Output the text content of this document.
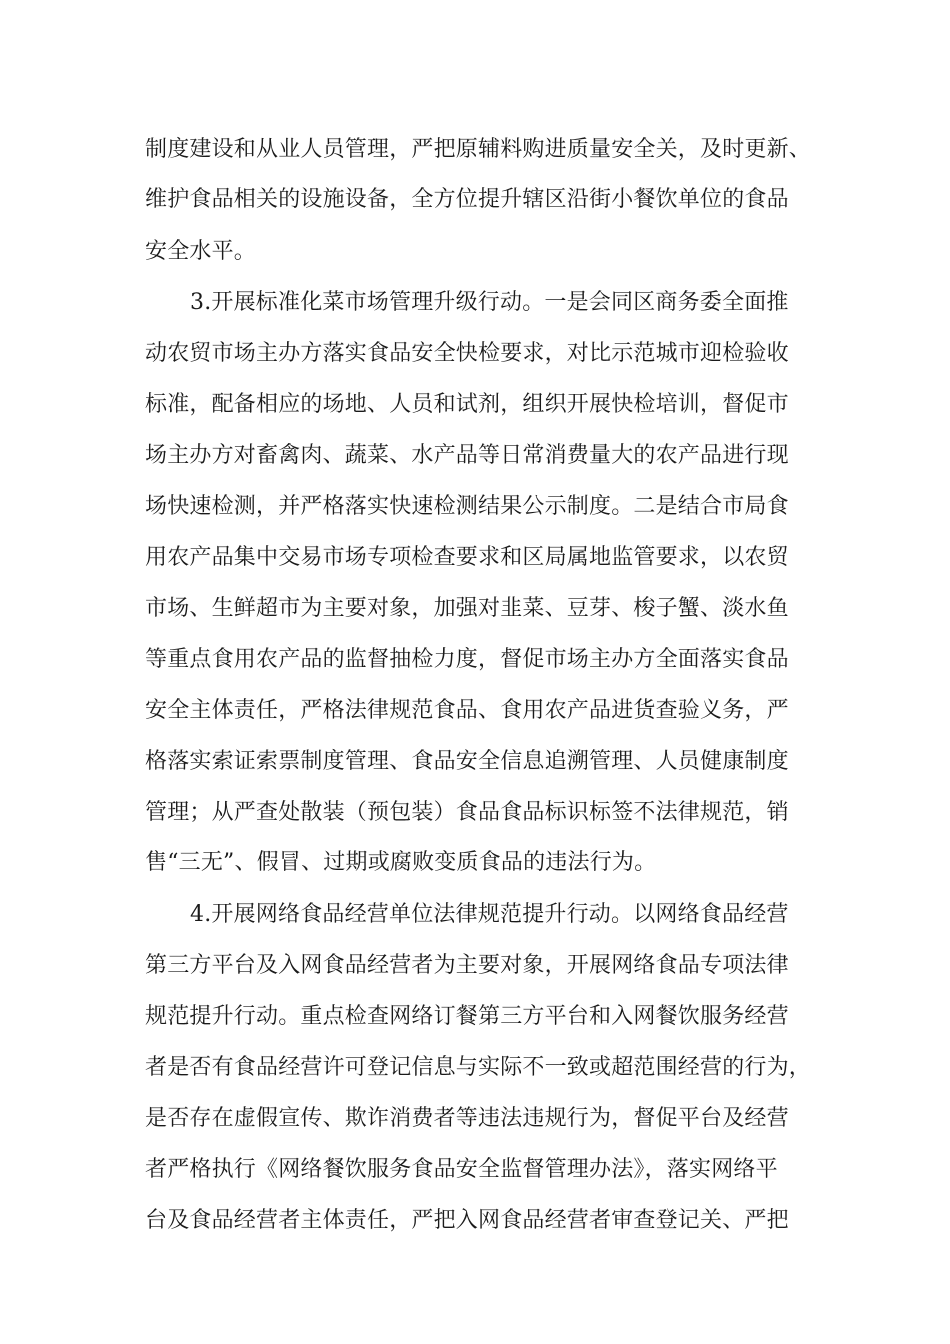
制度建设和从业人员管理，严把原辅料购进质量安全关，及时更新、
维护食品相关的设施设备，全方位提升辖区沿街小餐饮单位的食品
安全水平。
3.开展标准化菜市场管理升级行动。一是会同区商务委全面推
动农贸市场主办方落实食品安全快检要求，对比示范城市迎检验收
标准，配备相应的场地、人员和试剂，组织开展快检培训，督促市
场主办方对畜禽肉、蔬菜、水产品等日常消费量大的农产品进行现
场快速检测，并严格落实快速检测结果公示制度。二是结合市局食
用农产品集中交易市场专项检查要求和区局属地监管要求，以农贸
市场、生鲜超市为主要对象，加强对韭菜、豆芽、梭子蟹、淡水鱼
等重点食用农产品的监督抽检力度，督促市场主办方全面落实食品
安全主体责任，严格法律规范食品、食用农产品进货查验义务，严
格落实索证索票制度管理、食品安全信息追溯管理、人员健康制度
管理；从严查处散装（预包装）食品食品标识标签不法律规范，销
售“三无”、假冒、过期或腐败变质食品的违法行为。
4.开展网络食品经营单位法律规范提升行动。以网络食品经营
第三方平台及入网食品经营者为主要对象，开展网络食品专项法律
规范提升行动。重点检查网络订餐第三方平台和入网餐饮服务经营
者是否有食品经营许可登记信息与实际不一致或超范围经营的行为，
是否存在虚假宣传、欺诈消费者等违法违规行为，督促平台及经营
者严格执行《网络餐饮服务食品安全监督管理办法》，落实网络平
台及食品经营者主体责任，严把入网食品经营者审查登记关、严把
